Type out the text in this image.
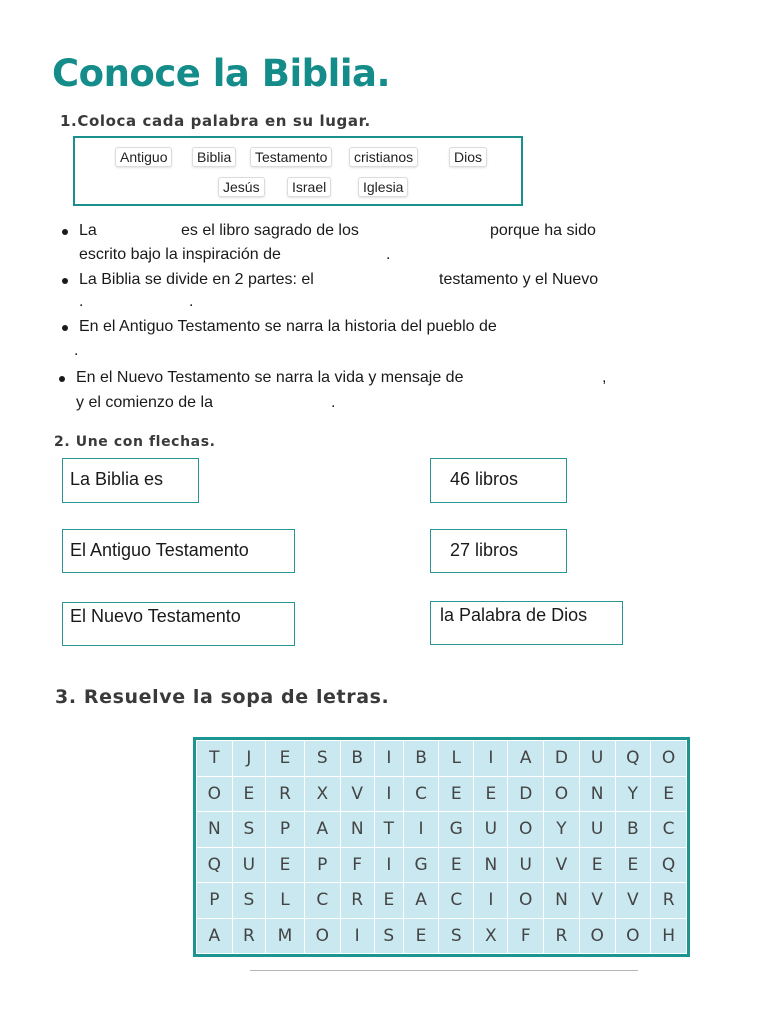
Conoce la Biblia.
1.Coloca cada palabra en su lugar.
Antiguo	Biblia	Testamento	cristianos	Dios
Jesús	Israel	Iglesia
La	es el libro sagrado de los	porque ha sido
escrito bajo la inspiración de	.
La Biblia se divide en 2 partes: el	testamento y el Nuevo
.	.
En el Antiguo Testamento se narra la historia del pueblo de
.
En el Nuevo Testamento se narra la vida y mensaje de	,
y el comienzo de la	.
2. Une con flechas.
La Biblia es
El Antiguo Testamento
El Nuevo Testamento
46 libros
27 libros
la Palabra de Dios
3. Resuelve la sopa de letras.
T	J	E	S	B	I	B	L	I	A	D	U	Q	O
O	E	R	X	V	I	C	E	E	D	O	N	Y	E
N	S	P	A	N	T	I	G	U	O	Y	U	B	C
Q	U	E	P	F	I	G	E	N	U	V	E	E	Q
P	S	L	C	R	E	A	C	I	O	N	V	V	R
A	R	M	O	I	S	E	S	X	F	R	O	O	H
